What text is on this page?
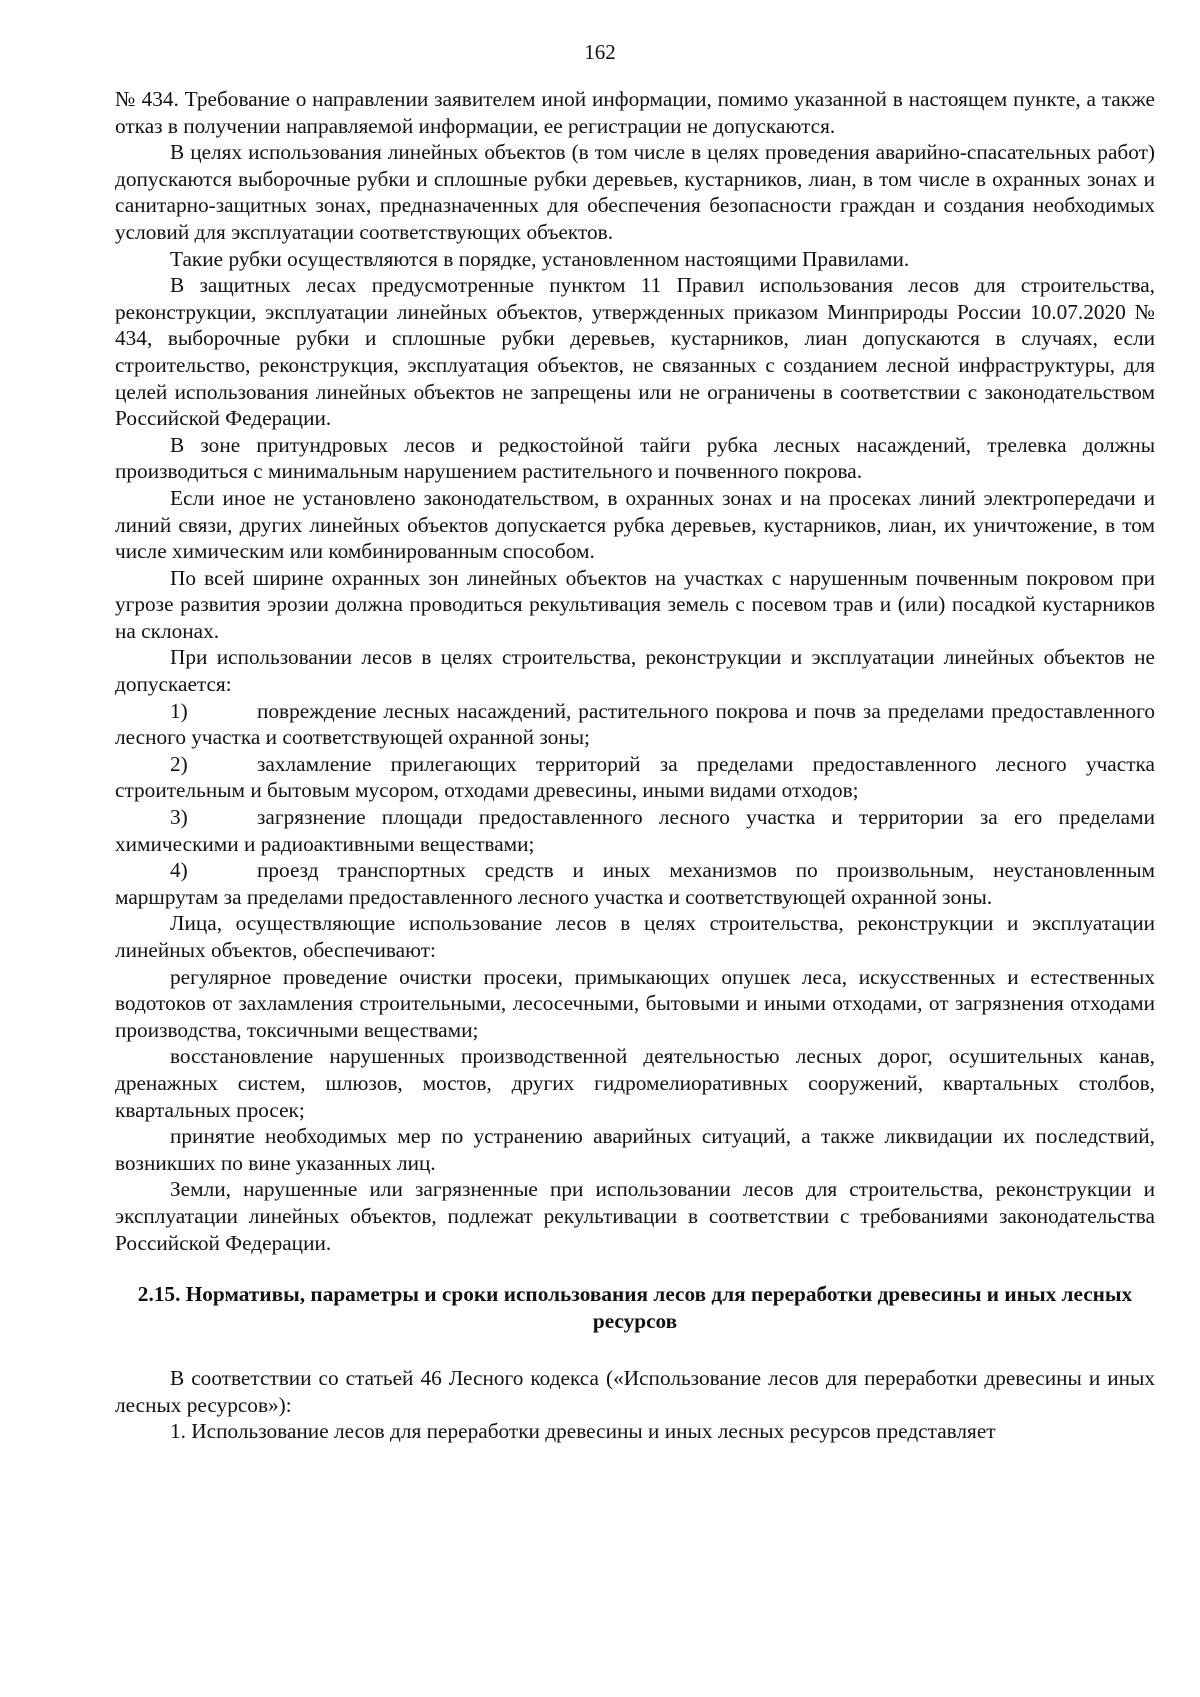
162

№ 434. Требование о направлении заявителем иной информации, помимо указанной в настоящем пункте, а также отказ в получении направляемой информации, ее регистрации не допускаются.

В целях использования линейных объектов (в том числе в целях проведения аварийно-спасательных работ) допускаются выборочные рубки и сплошные рубки деревьев, кустарников, лиан, в том числе в охранных зонах и санитарно-защитных зонах, предназначенных для обеспечения безопасности граждан и создания необходимых условий для эксплуатации соответствующих объектов.

Такие рубки осуществляются в порядке, установленном настоящими Правилами.

В защитных лесах предусмотренные пунктом 11 Правил использования лесов для строительства, реконструкции, эксплуатации линейных объектов, утвержденных приказом Минприроды России 10.07.2020 № 434, выборочные рубки и сплошные рубки деревьев, кустарников, лиан допускаются в случаях, если строительство, реконструкция, эксплуатация объектов, не связанных с созданием лесной инфраструктуры, для целей использования линейных объектов не запрещены или не ограничены в соответствии с законодательством Российской Федерации.

В зоне притундровых лесов и редкостойной тайги рубка лесных насаждений, трелевка должны производиться с минимальным нарушением растительного и почвенного покрова.

Если иное не установлено законодательством, в охранных зонах и на просеках линий электропередачи и линий связи, других линейных объектов допускается рубка деревьев, кустарников, лиан, их уничтожение, в том числе химическим или комбинированным способом.

По всей ширине охранных зон линейных объектов на участках с нарушенным почвенным покровом при угрозе развития эрозии должна проводиться рекультивация земель с посевом трав и (или) посадкой кустарников на склонах.

При использовании лесов в целях строительства, реконструкции и эксплуатации линейных объектов не допускается:

1)	повреждение лесных насаждений, растительного покрова и почв за пределами предоставленного лесного участка и соответствующей охранной зоны;

2)	захламление прилегающих территорий за пределами предоставленного лесного участка строительным и бытовым мусором, отходами древесины, иными видами отходов;

3)	загрязнение площади предоставленного лесного участка и территории за его пределами химическими и радиоактивными веществами;

4)	проезд транспортных средств и иных механизмов по произвольным, неустановленным маршрутам за пределами предоставленного лесного участка и соответствующей охранной зоны.

Лица, осуществляющие использование лесов в целях строительства, реконструкции и эксплуатации линейных объектов, обеспечивают:

регулярное проведение очистки просеки, примыкающих опушек леса, искусственных и естественных водотоков от захламления строительными, лесосечными, бытовыми и иными отходами, от загрязнения отходами производства, токсичными веществами;

восстановление нарушенных производственной деятельностью лесных дорог, осушительных канав, дренажных систем, шлюзов, мостов, других гидромелиоративных сооружений, квартальных столбов, квартальных просек;

принятие необходимых мер по устранению аварийных ситуаций, а также ликвидации их последствий, возникших по вине указанных лиц.

Земли, нарушенные или загрязненные при использовании лесов для строительства, реконструкции и эксплуатации линейных объектов, подлежат рекультивации в соответствии с требованиями законодательства Российской Федерации.

2.15. Нормативы, параметры и сроки использования лесов для переработки древесины и иных лесных ресурсов

В соответствии со статьей 46 Лесного кодекса («Использование лесов для переработки древесины и иных лесных ресурсов»):

1. Использование лесов для переработки древесины и иных лесных ресурсов представляет
